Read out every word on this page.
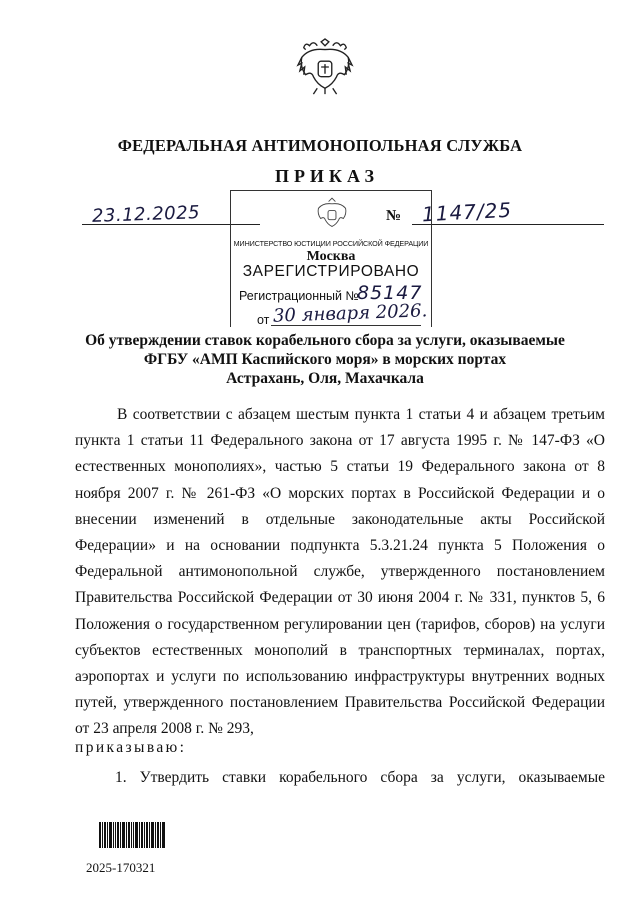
ФЕДЕРАЛЬНАЯ АНТИМОНОПОЛЬНАЯ СЛУЖБА
ПРИКАЗ
23.12.2025	№ 1147/25
МИНИСТЕРСТВО ЮСТИЦИИ РОССИЙСКОЙ ФЕДЕРАЦИИ
Москва
ЗАРЕГИСТРИРОВАНО
Регистрационный №
85147
от 30 января 2026.
Об утверждении ставок корабельного сбора за услуги, оказываемые
ФГБУ «АМП Каспийского моря» в морских портах
Астрахань, Оля, Махачкала
В соответствии с абзацем шестым пункта 1 статьи 4 и абзацем третьим пункта 1 статьи 11 Федерального закона от 17 августа 1995 г. № 147-ФЗ «О естественных монополиях», частью 5 статьи 19 Федерального закона от 8 ноября 2007 г. № 261-ФЗ «О морских портах в Российской Федерации и о внесении изменений в отдельные законодательные акты Российской Федерации» и на основании подпункта 5.3.21.24 пункта 5 Положения о Федеральной антимонопольной службе, утвержденного постановлением Правительства Российской Федерации от 30 июня 2004 г. № 331, пунктов 5, 6 Положения о государственном регулировании цен (тарифов, сборов) на услуги субъектов естественных монополий в транспортных терминалах, портах, аэропортах и услуги по использованию инфраструктуры внутренних водных путей, утвержденного постановлением Правительства Российской Федерации от 23 апреля 2008 г. № 293,
приказываю:
1. Утвердить ставки корабельного сбора за услуги, оказываемые
2025-170321
